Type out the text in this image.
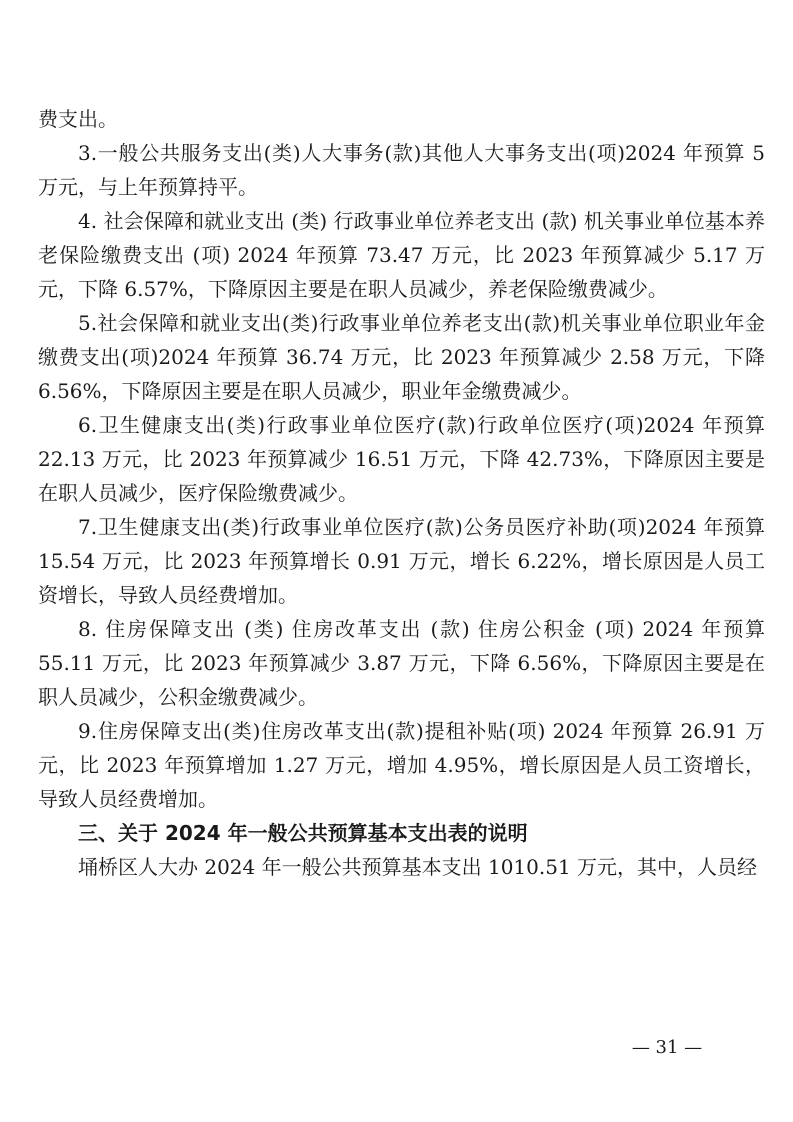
费支出。

3.一般公共服务支出(类)人大事务(款)其他人大事务支出(项)2024 年预算 5 万元，与上年预算持平。

4. 社会保障和就业支出 (类) 行政事业单位养老支出 (款) 机关事业单位基本养老保险缴费支出 (项) 2024 年预算 73.47 万元，比 2023 年预算减少 5.17 万元，下降 6.57%，下降原因主要是在职人员减少，养老保险缴费减少。

5.社会保障和就业支出(类)行政事业单位养老支出(款)机关事业单位职业年金缴费支出(项)2024 年预算 36.74 万元，比 2023 年预算减少 2.58 万元，下降 6.56%，下降原因主要是在职人员减少，职业年金缴费减少。

6.卫生健康支出(类)行政事业单位医疗(款)行政单位医疗(项)2024 年预算 22.13 万元，比 2023 年预算减少 16.51 万元，下降 42.73%，下降原因主要是在职人员减少，医疗保险缴费减少。

7.卫生健康支出(类)行政事业单位医疗(款)公务员医疗补助(项)2024 年预算 15.54 万元，比 2023 年预算增长 0.91 万元，增长 6.22%，增长原因是人员工资增长，导致人员经费增加。

8. 住房保障支出 (类) 住房改革支出 (款) 住房公积金 (项) 2024 年预算 55.11 万元，比 2023 年预算减少 3.87 万元，下降 6.56%，下降原因主要是在职人员减少，公积金缴费减少。

9.住房保障支出(类)住房改革支出(款)提租补贴(项) 2024 年预算 26.91 万元，比 2023 年预算增加 1.27 万元，增加 4.95%，增长原因是人员工资增长，导致人员经费增加。

三、关于 2024 年一般公共预算基本支出表的说明

埇桥区人大办 2024 年一般公共预算基本支出 1010.51 万元，其中，人员经

— 31 —
